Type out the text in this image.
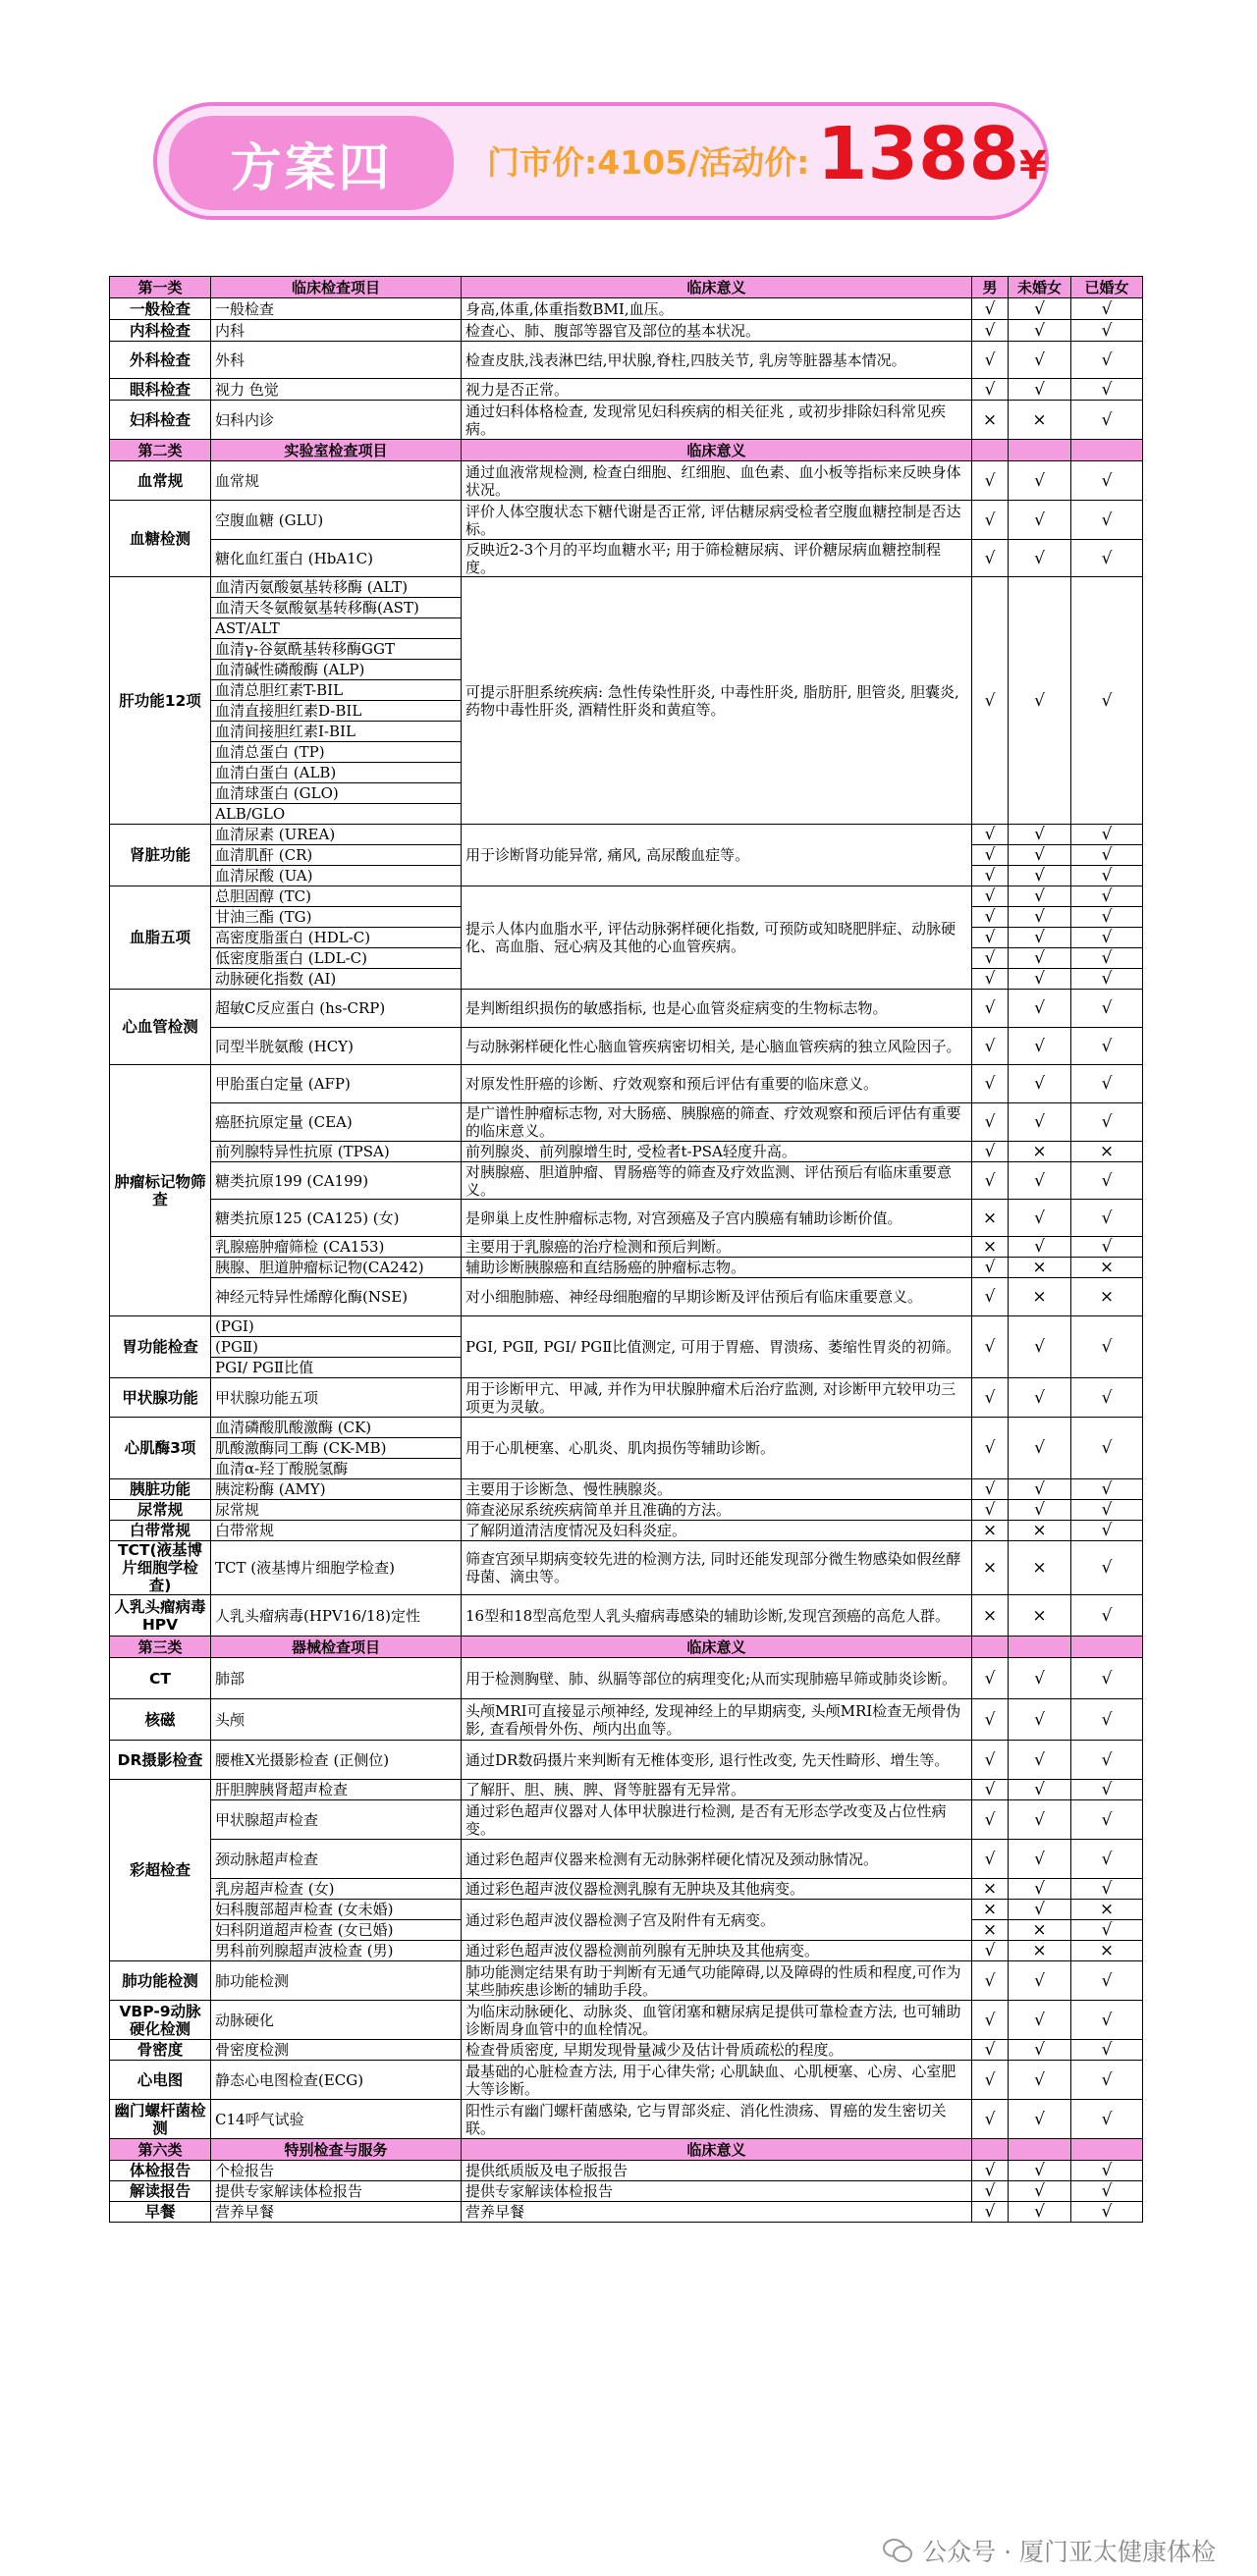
方案四	门市价:4105/活动价: 1388 ¥
第一类	临床检查项目	临床意义	男	未婚女	已婚女
一般检查	一般检查	身高,体重,体重指数BMI,血压。	√	√	√
内科检查	内科	检查心、肺、腹部等器官及部位的基本状况。	√	√	√
外科检查	外科	检查皮肤,浅表淋巴结,甲状腺,脊柱,四肢关节, 乳房等脏器基本情况。	√	√	√
眼科检查	视力 色觉	视力是否正常。	√	√	√
妇科检查	妇科内诊	通过妇科体格检查, 发现常见妇科疾病的相关征兆 , 或初步排除妇科常见疾病。	×	×	√
第二类	实验室检查项目	临床意义			
血常规	血常规	通过血液常规检测, 检查白细胞、红细胞、血色素、血小板等指标来反映身体状况。	√	√	√
血糖检测	空腹血糖 (GLU)	评价人体空腹状态下糖代谢是否正常, 评估糖尿病受检者空腹血糖控制是否达标。	√	√	√
	糖化血红蛋白 (HbA1C)	反映近2-3个月的平均血糖水平; 用于筛检糖尿病、评价糖尿病血糖控制程度。	√	√	√
肝功能12项	血清丙氨酸氨基转移酶 (ALT)	可提示肝胆系统疾病: 急性传染性肝炎, 中毒性肝炎, 脂肪肝, 胆管炎, 胆囊炎, 药物中毒性肝炎, 酒精性肝炎和黄疸等。	√	√	√
	血清天冬氨酸氨基转移酶(AST)				
	AST/ALT				
	血清γ-谷氨酰基转移酶GGT				
	血清碱性磷酸酶 (ALP)				
	血清总胆红素T-BIL				
	血清直接胆红素D-BIL				
	血清间接胆红素I-BIL				
	血清总蛋白 (TP)				
	血清白蛋白 (ALB)				
	血清球蛋白 (GLO)				
	ALB/GLO				
肾脏功能	血清尿素 (UREA)	用于诊断肾功能异常, 痛风, 高尿酸血症等。	√	√	√
	血清肌酐 (CR)		√	√	√
	血清尿酸 (UA)		√	√	√
血脂五项	总胆固醇 (TC)	提示人体内血脂水平, 评估动脉粥样硬化指数, 可预防或知晓肥胖症、动脉硬化、高血脂、冠心病及其他的心血管疾病。	√	√	√
	甘油三酯 (TG)		√	√	√
	高密度脂蛋白 (HDL-C)		√	√	√
	低密度脂蛋白 (LDL-C)		√	√	√
	动脉硬化指数 (AI)		√	√	√
心血管检测	超敏C反应蛋白 (hs-CRP)	是判断组织损伤的敏感指标, 也是心血管炎症病变的生物标志物。	√	√	√
	同型半胱氨酸 (HCY)	与动脉粥样硬化性心脑血管疾病密切相关, 是心脑血管疾病的独立风险因子。	√	√	√
肿瘤标记物筛查	甲胎蛋白定量 (AFP)	对原发性肝癌的诊断、疗效观察和预后评估有重要的临床意义。	√	√	√
	癌胚抗原定量 (CEA)	是广谱性肿瘤标志物, 对大肠癌、胰腺癌的筛查、疗效观察和预后评估有重要的临床意义。	√	√	√
	前列腺特异性抗原 (TPSA)	前列腺炎、前列腺增生时, 受检者t-PSA轻度升高。	√	×	×
	糖类抗原199 (CA199)	对胰腺癌、胆道肿瘤、胃肠癌等的筛查及疗效监测、评估预后有临床重要意义。	√	√	√
	糖类抗原125 (CA125) (女)	是卵巢上皮性肿瘤标志物, 对宫颈癌及子宫内膜癌有辅助诊断价值。	×	√	√
	乳腺癌肿瘤筛检 (CA153)	主要用于乳腺癌的治疗检测和预后判断。	×	√	√
	胰腺、胆道肿瘤标记物(CA242)	辅助诊断胰腺癌和直结肠癌的肿瘤标志物。	√	×	×
	神经元特异性烯醇化酶(NSE)	对小细胞肺癌、神经母细胞瘤的早期诊断及评估预后有临床重要意义。	√	×	×
胃功能检查	(PGⅠ)	PGⅠ, PGⅡ, PGⅠ/ PGⅡ比值测定, 可用于胃癌、胃溃疡、萎缩性胃炎的初筛。	√	√	√
	(PGⅡ)				
	PGⅠ/ PGⅡ比值				
甲状腺功能	甲状腺功能五项	用于诊断甲亢、甲减, 并作为甲状腺肿瘤术后治疗监测, 对诊断甲亢较甲功三项更为灵敏。	√	√	√
心肌酶3项	血清磷酸肌酸激酶 (CK)	用于心肌梗塞、心肌炎、肌肉损伤等辅助诊断。	√	√	√
	肌酸激酶同工酶 (CK-MB)				
	血清α-羟丁酸脱氢酶				
胰脏功能	胰淀粉酶 (AMY)	主要用于诊断急、慢性胰腺炎。	√	√	√
尿常规	尿常规	筛查泌尿系统疾病简单并且准确的方法。	√	√	√
白带常规	白带常规	了解阴道清洁度情况及妇科炎症。	×	×	√
TCT(液基博片细胞学检查)	TCT (液基博片细胞学检查)	筛查宫颈早期病变较先进的检测方法, 同时还能发现部分微生物感染如假丝酵母菌、滴虫等。	×	×	√
人乳头瘤病毒HPV	人乳头瘤病毒(HPV16/18)定性	16型和18型高危型人乳头瘤病毒感染的辅助诊断,发现宫颈癌的高危人群。	×	×	√
第三类	器械检查项目	临床意义			
CT	肺部	用于检测胸壁、肺、纵膈等部位的病理变化;从而实现肺癌早筛或肺炎诊断。	√	√	√
核磁	头颅	头颅MRI可直接显示颅神经, 发现神经上的早期病变, 头颅MRI检查无颅骨伪影, 查看颅骨外伤、颅内出血等。	√	√	√
DR摄影检查	腰椎X光摄影检查 (正侧位)	通过DR数码摄片来判断有无椎体变形, 退行性改变, 先天性畸形、增生等。	√	√	√
彩超检查	肝胆脾胰肾超声检查	了解肝、胆、胰、脾、肾等脏器有无异常。	√	√	√
	甲状腺超声检查	通过彩色超声仪器对人体甲状腺进行检测, 是否有无形态学改变及占位性病变。	√	√	√
	颈动脉超声检查	通过彩色超声仪器来检测有无动脉粥样硬化情况及颈动脉情况。	√	√	√
	乳房超声检查 (女)	通过彩色超声波仪器检测乳腺有无肿块及其他病变。	×	√	√
	妇科腹部超声检查 (女未婚)	通过彩色超声波仪器检测子宫及附件有无病变。	×	√	×
	妇科阴道超声检查 (女已婚)		×	×	√
	男科前列腺超声波检查 (男)	通过彩色超声波仪器检测前列腺有无肿块及其他病变。	√	×	×
肺功能检测	肺功能检测	肺功能测定结果有助于判断有无通气功能障碍,以及障碍的性质和程度,可作为某些肺疾患诊断的辅助手段。	√	√	√
VBP-9动脉硬化检测	动脉硬化	为临床动脉硬化、动脉炎、血管闭塞和糖尿病足提供可靠检查方法, 也可辅助诊断周身血管中的血栓情况。	√	√	√
骨密度	骨密度检测	检查骨质密度, 早期发现骨量减少及估计骨质疏松的程度。	√	√	√
心电图	静态心电图检查(ECG)	最基础的心脏检查方法, 用于心律失常; 心肌缺血、心肌梗塞、心房、心室肥大等诊断。	√	√	√
幽门螺杆菌检测	C14呼气试验	阳性示有幽门螺杆菌感染, 它与胃部炎症、消化性溃疡、胃癌的发生密切关联。	√	√	√
第六类	特别检查与服务	临床意义			
体检报告	个检报告	提供纸质版及电子版报告	√	√	√
解读报告	提供专家解读体检报告	提供专家解读体检报告	√	√	√
早餐	营养早餐	营养早餐	√	√	√
公众号 · 厦门亚太健康体检
